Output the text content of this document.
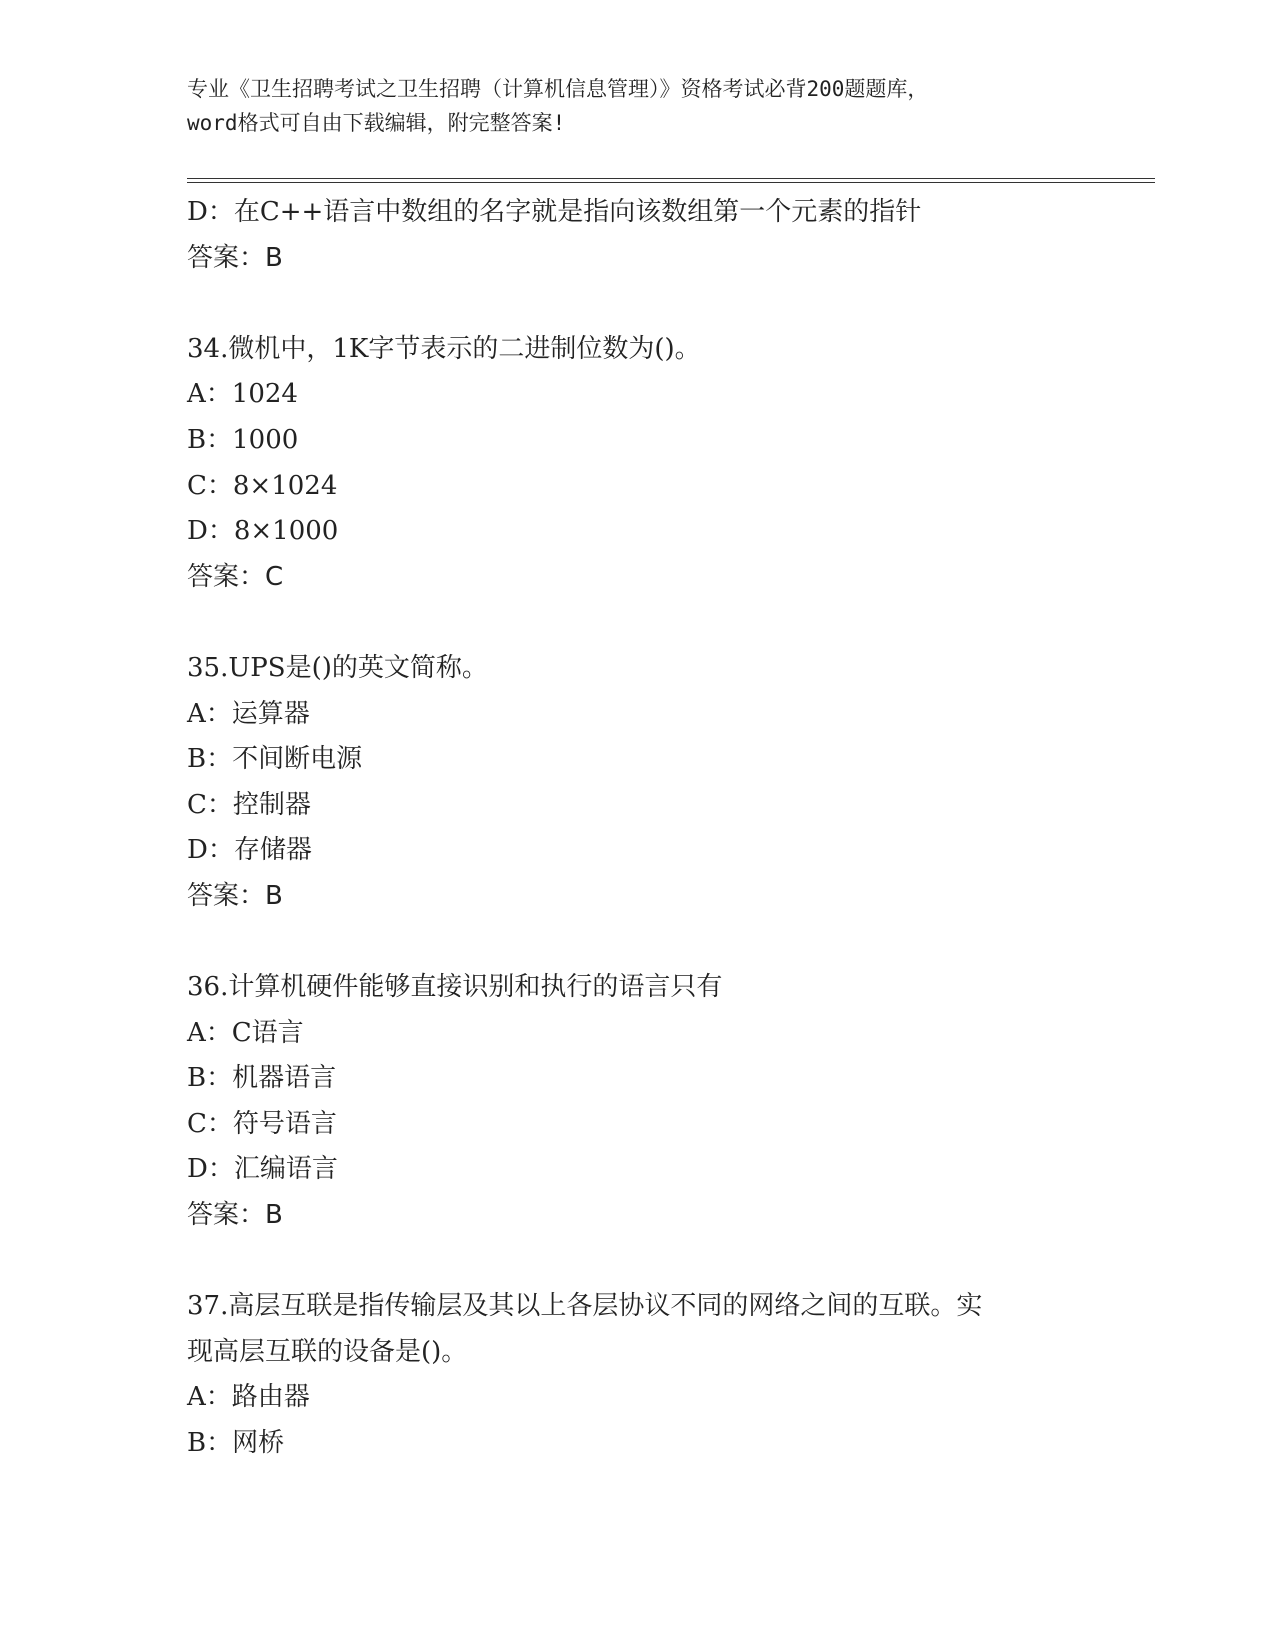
专业《卫生招聘考试之卫生招聘（计算机信息管理）》资格考试必背200题题库，
word格式可自由下载编辑，附完整答案!
D：在C++语言中数组的名字就是指向该数组第一个元素的指针
答案：B
34.微机中，1K字节表示的二进制位数为()。
A：1024
B：1000
C：8×1024
D：8×1000
答案：C
35.UPS是()的英文简称。
A：运算器
B：不间断电源
C：控制器
D：存储器
答案：B
36.计算机硬件能够直接识别和执行的语言只有
A：C语言
B：机器语言
C：符号语言
D：汇编语言
答案：B
37.高层互联是指传输层及其以上各层协议不同的网络之间的互联。实
现高层互联的设备是()。
A：路由器
B：网桥
